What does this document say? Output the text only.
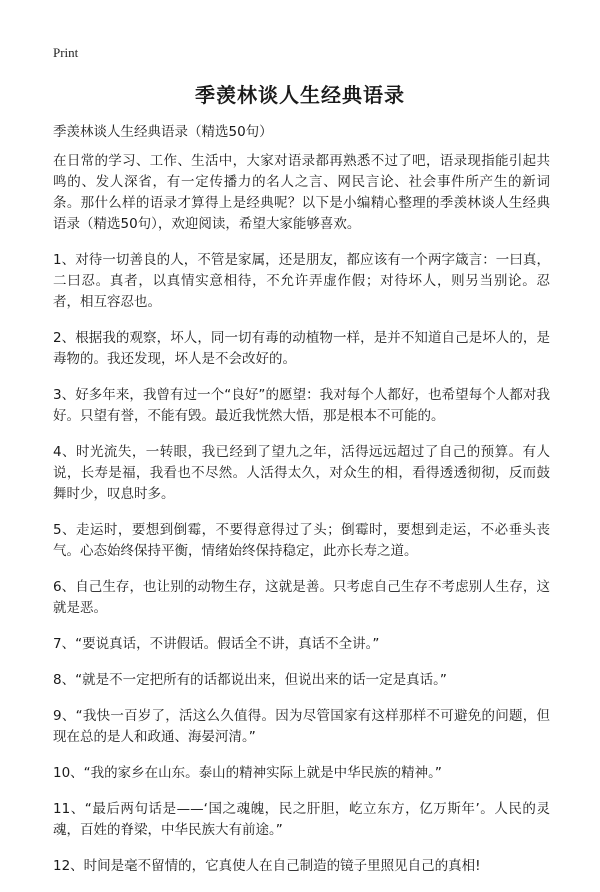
Print
季羡林谈人生经典语录

季羡林谈人生经典语录（精选50句）

在日常的学习、工作、生活中，大家对语录都再熟悉不过了吧，语录现指能引起共鸣的、发人深省，有一定传播力的名人之言、网民言论、社会事件所产生的新词条。那什么样的语录才算得上是经典呢？以下是小编精心整理的季羡林谈人生经典语录（精选50句），欢迎阅读，希望大家能够喜欢。

1、对待一切善良的人，不管是家属，还是朋友，都应该有一个两字箴言：一曰真，二曰忍。真者，以真情实意相待，不允许弄虚作假；对待坏人，则另当别论。忍者，相互容忍也。

2、根据我的观察，坏人，同一切有毒的动植物一样，是并不知道自己是坏人的，是毒物的。我还发现，坏人是不会改好的。

3、好多年来，我曾有过一个“良好”的愿望：我对每个人都好，也希望每个人都对我好。只望有誉，不能有毁。最近我恍然大悟，那是根本不可能的。

4、时光流失，一转眼，我已经到了望九之年，活得远远超过了自己的预算。有人说，长寿是福，我看也不尽然。人活得太久，对众生的相，看得透透彻彻，反而鼓舞时少，叹息时多。

5、走运时，要想到倒霉，不要得意得过了头；倒霉时，要想到走运，不必垂头丧气。心态始终保持平衡，情绪始终保持稳定，此亦长寿之道。

6、自己生存，也让别的动物生存，这就是善。只考虑自己生存不考虑别人生存，这就是恶。

7、“要说真话，不讲假话。假话全不讲，真话不全讲。”

8、“就是不一定把所有的话都说出来，但说出来的话一定是真话。”

9、“我快一百岁了，活这么久值得。因为尽管国家有这样那样不可避免的问题，但现在总的是人和政通、海晏河清。”

10、“我的家乡在山东。泰山的精神实际上就是中华民族的精神。”

11、“最后两句话是——‘国之魂魄，民之肝胆，屹立东方，亿万斯年’。人民的灵魂，百姓的脊梁，中华民族大有前途。”

12、时间是毫不留情的，它真使人在自己制造的镜子里照见自己的真相!
